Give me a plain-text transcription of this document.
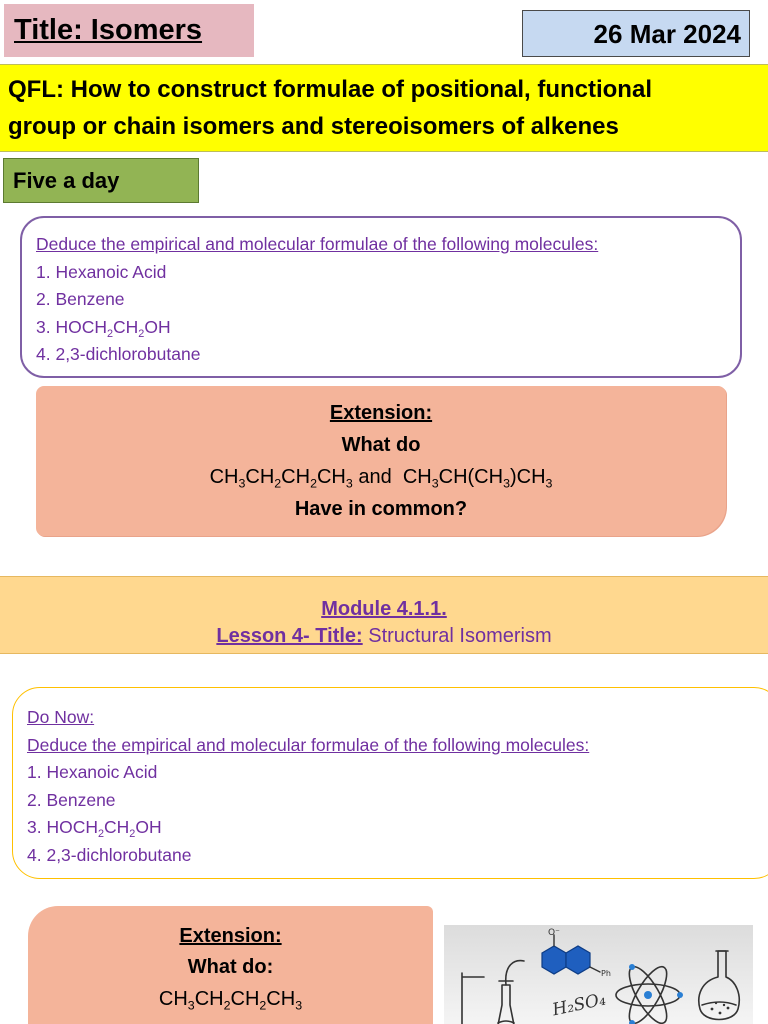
Title: Isomers	26 Mar 2024
QFL: How to construct formulae of positional, functional
group or chain isomers and stereoisomers of alkenes
Five a day
Deduce the empirical and molecular formulae of the following molecules:
1. Hexanoic Acid
2. Benzene
3. $HOCH_2CH_2OH$
4. 2,3-dichlorobutane
Extension:
What do
$CH_3CH_2CH_2CH_3$ and $CH_3CH(CH_3)CH_3$
Have in common?
Module 4.1.1.
Lesson 4- Title: Structural Isomerism
Do Now:
Deduce the empirical and molecular formulae of the following molecules:
1. Hexanoic Acid
2. Benzene
3. $HOCH_2CH_2OH$
4. 2,3-dichlorobutane
Extension:
What do:
$CH_3CH_2CH_2CH_3$
O⁻
Ph
H₂SO₄
